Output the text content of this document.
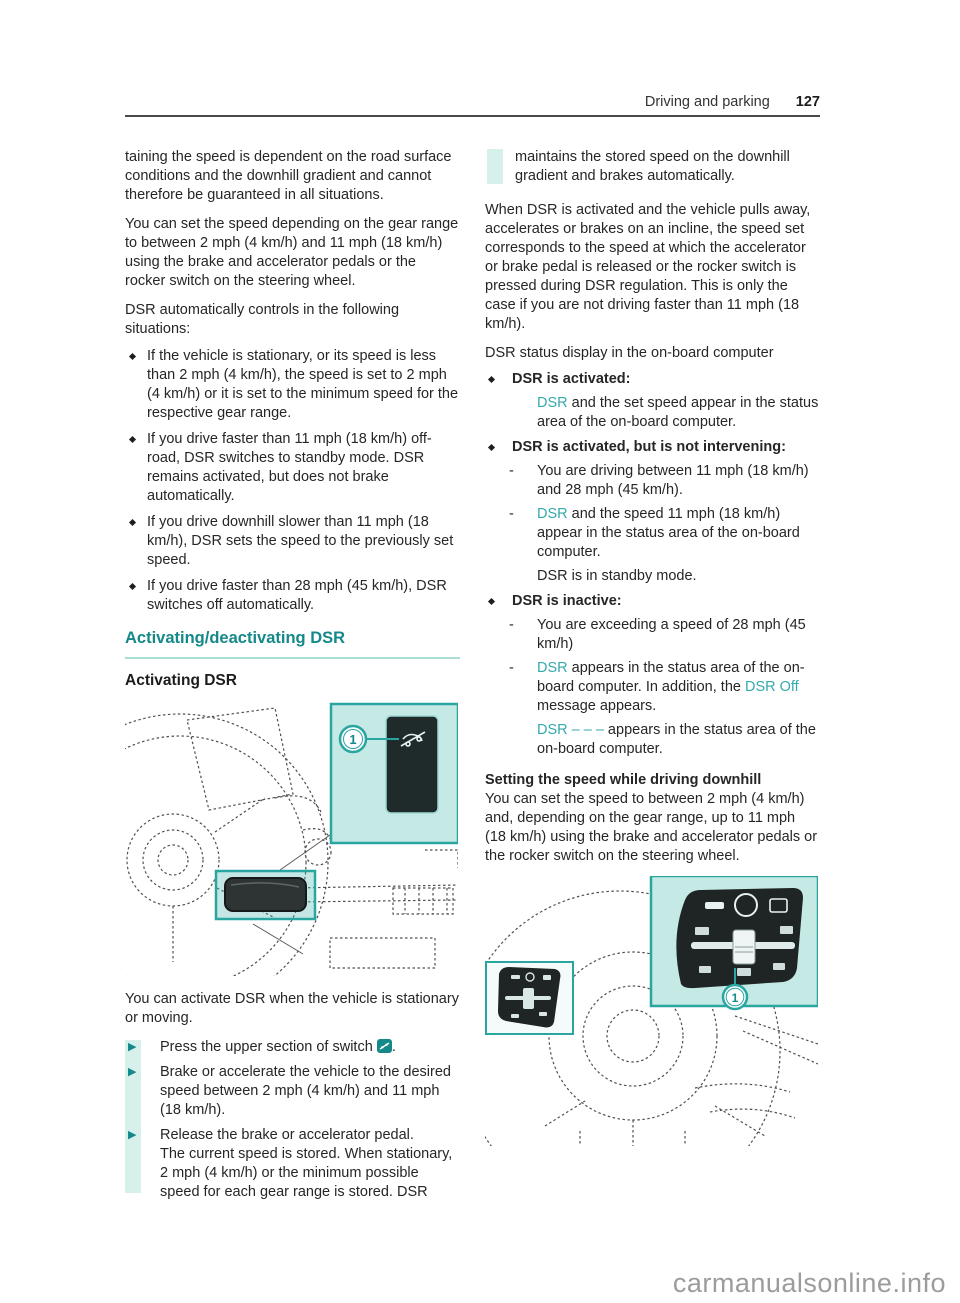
Driving and parking 127

taining the speed is dependent on the road surface conditions and the downhill gradient and cannot therefore be guaranteed in all situations.

You can set the speed depending on the gear range to between 2 mph (4 km/h) and 11 mph (18 km/h) using the brake and accelerator pedals or the rocker switch on the steering wheel.

DSR automatically controls in the following situations:

If the vehicle is stationary, or its speed is less than 2 mph (4 km/h), the speed is set to 2 mph (4 km/h) or it is set to the minimum speed for the respective gear range.
If you drive faster than 11 mph (18 km/h) off-road, DSR switches to standby mode. DSR remains activated, but does not brake automatically.
If you drive downhill slower than 11 mph (18 km/h), DSR sets the speed to the previously set speed.
If you drive faster than 28 mph (45 km/h), DSR switches off automatically.
Activating/deactivating DSR
Activating DSR
1

You can activate DSR when the vehicle is stationary or moving.

▶ Press the upper section of switch .
▶ Brake or accelerate the vehicle to the desired speed between 2 mph (4 km/h) and 11 mph (18 km/h).
▶ Release the brake or accelerator pedal.
The current speed is stored. When stationary, 2 mph (4 km/h) or the minimum possible speed for each gear range is stored. DSR
maintains the stored speed on the downhill gradient and brakes automatically.

When DSR is activated and the vehicle pulls away, accelerates or brakes on an incline, the speed set corresponds to the speed at which the accelerator or brake pedal is released or the rocker switch is pressed during DSR regulation. This is only the case if you are not driving faster than 11 mph (18 km/h).

DSR status display in the on-board computer

DSR is activated:
DSR and the set speed appear in the status area of the on-board computer.
DSR is activated, but is not intervening:
- You are driving between 11 mph (18 km/h) and 28 mph (45 km/h).
- DSR and the speed 11 mph (18 km/h) appear in the status area of the on-board computer.
DSR is in standby mode.
DSR is inactive:
- You are exceeding a speed of 28 mph (45 km/h)
- DSR appears in the status area of the on-board computer. In addition, the DSR Off message appears.
DSR – – – appears in the status area of the on-board computer.

Setting the speed while driving downhill

You can set the speed to between 2 mph (4 km/h) and, depending on the gear range, up to 11 mph (18 km/h) using the brake and accelerator pedals or the rocker switch on the steering wheel.

1
carmanualsonline.info
